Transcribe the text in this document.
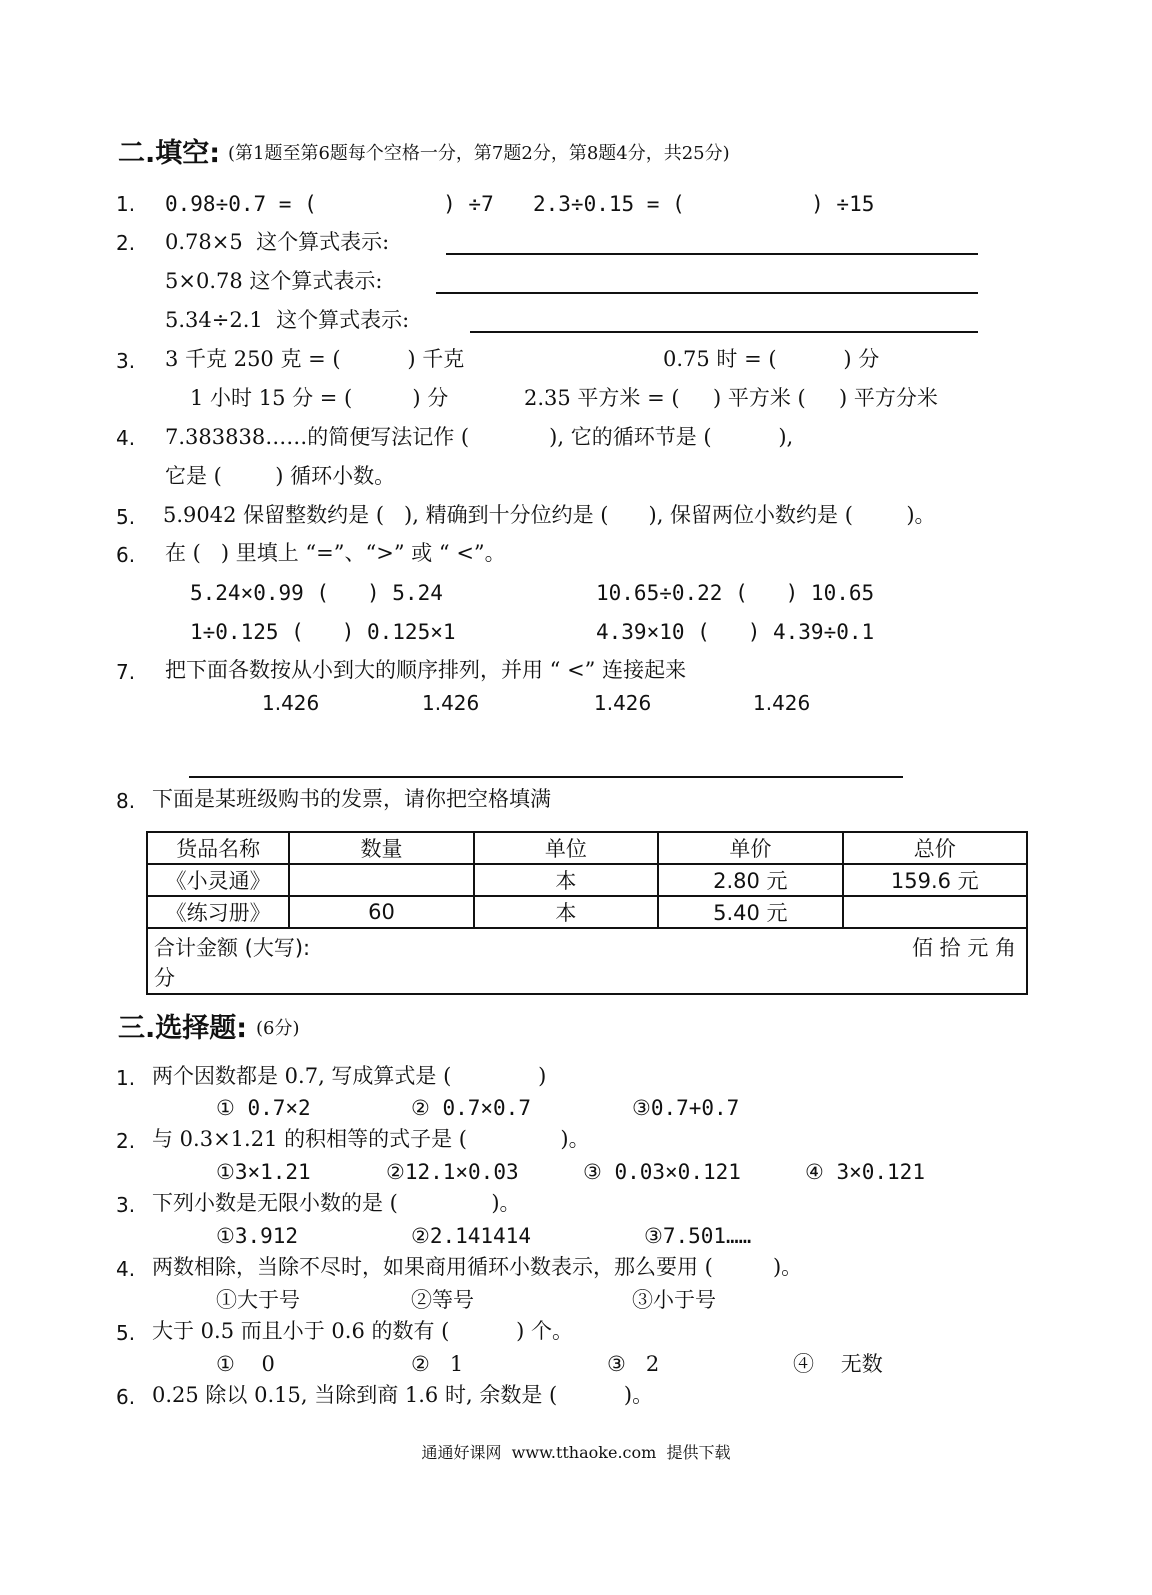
二.填空: (第1题至第6题每个空格一分，第7题2分，第8题4分，共25分)
1. 0.98÷0.7 = (          ) ÷7 2.3÷0.15 = (          ) ÷15
2. 0.78×5  这个算式表示:
5×0.78 这个算式表示:
5.34÷2.1  这个算式表示:
3. 3 千克 250 克 = (          ) 千克	0.75 时 = (          ) 分
1 小时 15 分 = (         ) 分	2.35 平方米 = (     ) 平方米 (     ) 平方分米
4. 7.383838……的简便写法记作 (            ), 它的循环节是 (          ),
它是 (        ) 循环小数。
5. 5.9042 保留整数约是 (   ), 精确到十分位约是 (      ), 保留两位小数约是 (        )。
6. 在 (   ) 里填上 “=”、“>” 或 “ <”。
5.24×0.99 (   ) 5.24	10.65÷0.22 (   ) 10.65
1÷0.125 (   ) 0.125×1	4.39×10 (   ) 4.39÷0.1
7. 把下面各数按从小到大的顺序排列，并用 “ <” 连接起来
1.426	1.426	1.426	1.426
8. 下面是某班级购书的发票，请你把空格填满
货品名称	数量	单位	单价	总价
《小灵通》		本	2.80 元	159.6 元
《练习册》	60	本	5.40 元	
合计金额 (大写): 佰 拾 元 角

分				
三.选择题: (6分)
1. 两个因数都是 0.7, 写成算式是 (             )
① 0.7×2	② 0.7×0.7	③0.7+0.7
2. 与 0.3×1.21 的积相等的式子是 (              )。
①3×1.21	②12.1×0.03	③ 0.03×0.121	④ 3×0.121
3. 下列小数是无限小数的是 (              )。
①3.912	②2.141414	③7.501……
4. 两数相除，当除不尽时，如果商用循环小数表示，那么要用 (         )。
①大于号	②等号	③小于号
5. 大于 0.5 而且小于 0.6 的数有 (          ) 个。
①    0	②   1	③   2	④    无数
6. 0.25 除以 0.15, 当除到商 1.6 时, 余数是 (          )。
通通好课网  www.tthaoke.com  提供下载
